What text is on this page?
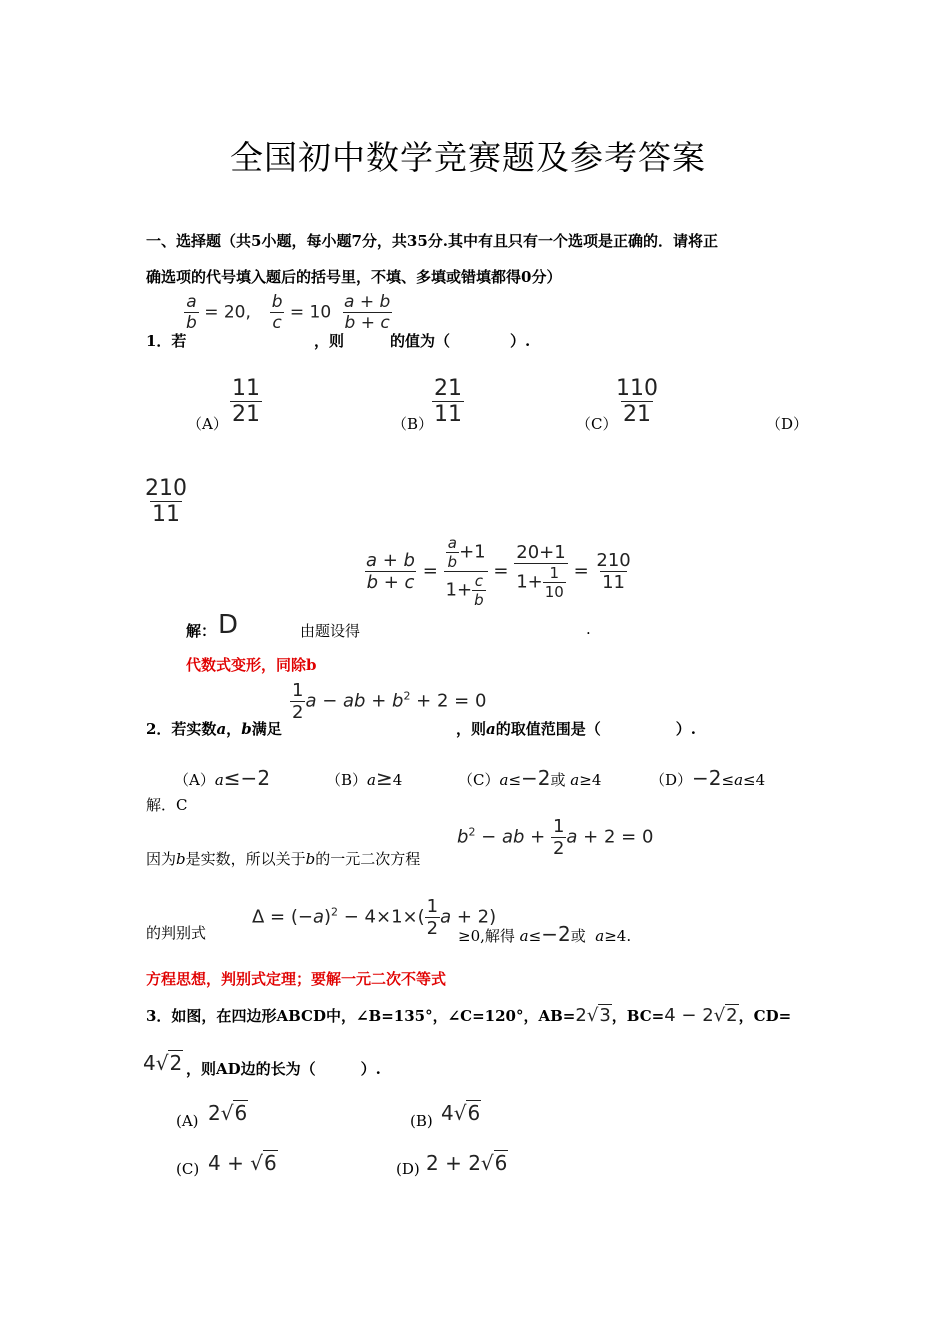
全国初中数学竞赛题及参考答案
一、选择题（共5小题，每小题7分，共35分.其中有且只有一个选项是正确的．请将正
确选项的代号填入题后的括号里，不填、多填或错填都得0分）
$\frac{a}{b} = 20$, $\frac{b}{c} = 10 \frac{a + b}{b + c}$
1．若	，则	的值为（　　　　）.
$(A) \frac{11}{21}$	（B）
$\frac{21}{11}$	（C）
$\frac{110}{21}$	（D）
$\frac{210}{11}$
$\frac{a + b}{b + c} = \frac{\frac{a}{b} +1}{1+ \frac{c}{b}} = \frac{20+1}{1+ \frac{1}{10}} = \frac{210}{11}$
解： D	由题设得	.
代数式变形，同除b
$\frac{1}{2}$ a − ab + $b^2 + 2 = 0$
2．若实数a，b满足	，则a的取值范围是（　　　　　）.
（A）a≤−2	（B）a≥4	（C）a≤−2或 a≥4	（D）−2≤a≤4
解．C
$b^2$ − ab + $\frac{1}{2}$ a + 2 = 0
因为b是实数，所以关于b的一元二次方程
$\Delta = (-a)^2 - 4\times 1\times( \frac{1}{2}$ a + 2)
的判别式	≥0,解得 a≤−2或 a≥4.
方程思想，判别式定理；要解一元二次不等式
3．如图，在四边形ABCD中，∠B=135°，∠C=120°，AB=2√3，BC=4 − 2√2，CD=
4√2 ，则AD边的长为（　　　）.
(A) 2√6	(B) 4√6
(C) 4 + √6	(D) 2 + 2√6
